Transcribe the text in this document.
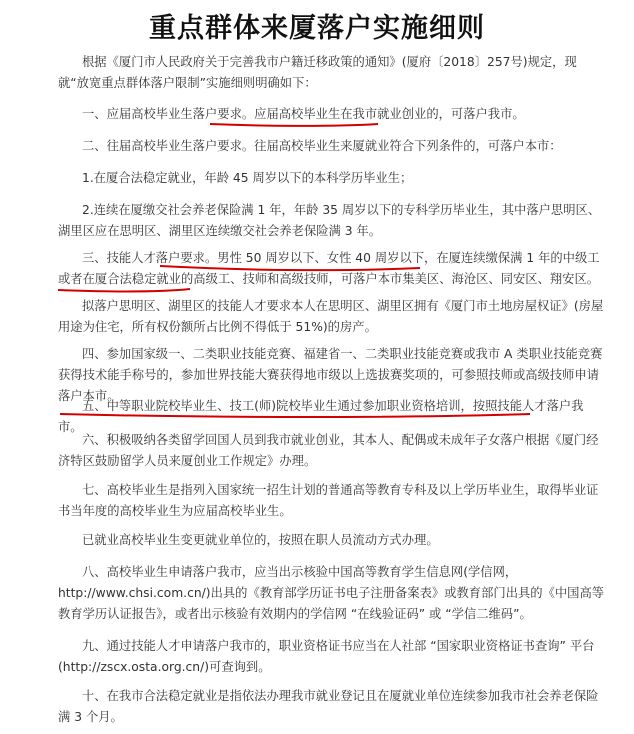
重点群体来厦落户实施细则
根据《厦门市人民政府关于完善我市户籍迁移政策的通知》(厦府〔2018〕257号)规定，现就“放宽重点群体落户限制”实施细则明确如下：
一、应届高校毕业生落户要求。应届高校毕业生在我市就业创业的，可落户我市。
二、往届高校毕业生落户要求。往届高校毕业生来厦就业符合下列条件的，可落户本市：
1.在厦合法稳定就业，年龄 45 周岁以下的本科学历毕业生；
2.连续在厦缴交社会养老保险满 1 年，年龄 35 周岁以下的专科学历毕业生，其中落户思明区、湖里区应在思明区、湖里区连续缴交社会养老保险满 3 年。
三、技能人才落户要求。男性 50 周岁以下、女性 40 周岁以下，在厦连续缴保满 1 年的中级工或者在厦合法稳定就业的高级工、技师和高级技师，可落户本市集美区、海沧区、同安区、翔安区。
拟落户思明区、湖里区的技能人才要求本人在思明区、湖里区拥有《厦门市土地房屋权证》(房屋用途为住宅，所有权份额所占比例不得低于 51%)的房产。
四、参加国家级一、二类职业技能竞赛、福建省一、二类职业技能竞赛或我市 A 类职业技能竞赛获得技术能手称号的，参加世界技能大赛获得地市级以上选拔赛奖项的，可参照技师或高级技师申请落户本市。
五、中等职业院校毕业生、技工(师)院校毕业生通过参加职业资格培训，按照技能人才落户我市。
六、积极吸纳各类留学回国人员到我市就业创业，其本人、配偶或未成年子女落户根据《厦门经济特区鼓励留学人员来厦创业工作规定》办理。
七、高校毕业生是指列入国家统一招生计划的普通高等教育专科及以上学历毕业生，取得毕业证书当年度的高校毕业生为应届高校毕业生。
已就业高校毕业生变更就业单位的，按照在职人员流动方式办理。
八、高校毕业生申请落户我市，应当出示核验中国高等教育学生信息网(学信网，http://www.chsi.com.cn/)出具的《教育部学历证书电子注册备案表》或教育部门出具的《中国高等教育学历认证报告》，或者出示核验有效期内的学信网 “在线验证码” 或 “学信二维码”。
九、通过技能人才申请落户我市的，职业资格证书应当在人社部 “国家职业资格证书查询” 平台(http://zscx.osta.org.cn/)可查询到。
十、在我市合法稳定就业是指依法办理我市就业登记且在厦就业单位连续参加我市社会养老保险满 3 个月。
